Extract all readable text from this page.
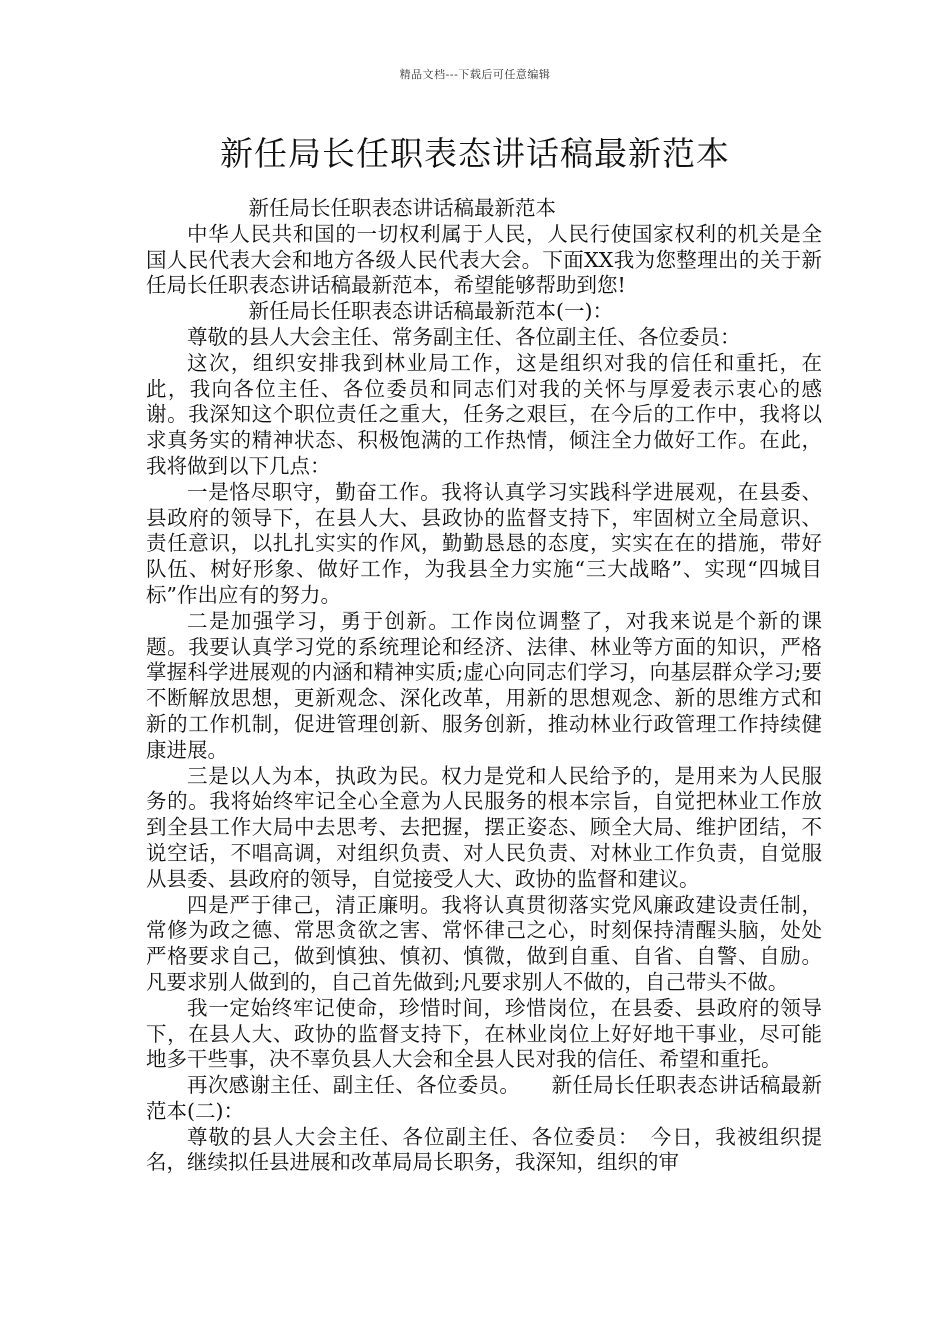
精品文档---下载后可任意编辑
新任局长任职表态讲话稿最新范本

新任局长任职表态讲话稿最新范本

中华人民共和国的一切权利属于人民，人民行使国家权利的机关是全国人民代表大会和地方各级人民代表大会。下面XX我为您整理出的关于新任局长任职表态讲话稿最新范本，希望能够帮助到您!

新任局长任职表态讲话稿最新范本(一)：

尊敬的县人大会主任、常务副主任、各位副主任、各位委员：

这次，组织安排我到林业局工作，这是组织对我的信任和重托，在此，我向各位主任、各位委员和同志们对我的关怀与厚爱表示衷心的感谢。我深知这个职位责任之重大，任务之艰巨，在今后的工作中，我将以求真务实的精神状态、积极饱满的工作热情，倾注全力做好工作。在此，我将做到以下几点：

一是恪尽职守，勤奋工作。我将认真学习实践科学进展观，在县委、县政府的领导下，在县人大、县政协的监督支持下，牢固树立全局意识、责任意识，以扎扎实实的作风，勤勤恳恳的态度，实实在在的措施，带好队伍、树好形象、做好工作，为我县全力实施“三大战略”、实现“四城目标”作出应有的努力。

二是加强学习，勇于创新。工作岗位调整了，对我来说是个新的课题。我要认真学习党的系统理论和经济、法律、林业等方面的知识，严格掌握科学进展观的内涵和精神实质;虚心向同志们学习，向基层群众学习;要不断解放思想，更新观念、深化改革，用新的思想观念、新的思维方式和新的工作机制，促进管理创新、服务创新，推动林业行政管理工作持续健康进展。

三是以人为本，执政为民。权力是党和人民给予的，是用来为人民服务的。我将始终牢记全心全意为人民服务的根本宗旨，自觉把林业工作放到全县工作大局中去思考、去把握，摆正姿态、顾全大局、维护团结，不说空话，不唱高调，对组织负责、对人民负责、对林业工作负责，自觉服从县委、县政府的领导，自觉接受人大、政协的监督和建议。

四是严于律己，清正廉明。我将认真贯彻落实党风廉政建设责任制，常修为政之德、常思贪欲之害、常怀律己之心，时刻保持清醒头脑，处处严格要求自己，做到慎独、慎初、慎微，做到自重、自省、自警、自励。凡要求别人做到的，自己首先做到;凡要求别人不做的，自己带头不做。

我一定始终牢记使命，珍惜时间，珍惜岗位，在县委、县政府的领导下，在县人大、政协的监督支持下，在林业岗位上好好地干事业，尽可能地多干些事，决不辜负县人大会和全县人民对我的信任、希望和重托。

再次感谢主任、副主任、各位委员。　　新任局长任职表态讲话稿最新范本(二)：

尊敬的县人大会主任、各位副主任、各位委员：　今日，我被组织提名，继续拟任县进展和改革局局长职务，我深知，组织的审
